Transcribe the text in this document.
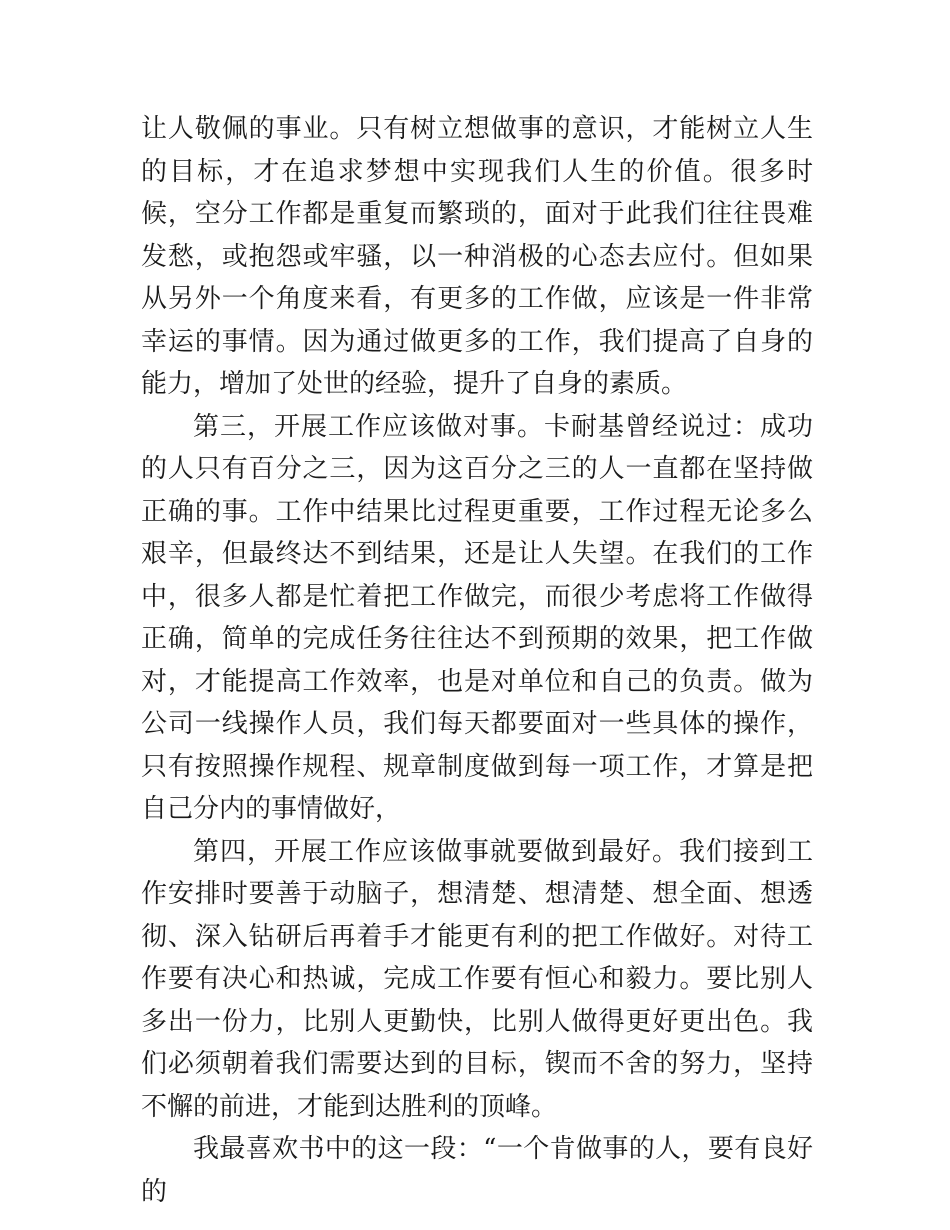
让人敬佩的事业。只有树立想做事的意识，才能树立人生的目标，才在追求梦想中实现我们人生的价值。很多时候，空分工作都是重复而繁琐的，面对于此我们往往畏难发愁，或抱怨或牢骚，以一种消极的心态去应付。但如果从另外一个角度来看，有更多的工作做，应该是一件非常幸运的事情。因为通过做更多的工作，我们提高了自身的能力，增加了处世的经验，提升了自身的素质。

第三，开展工作应该做对事。卡耐基曾经说过：成功的人只有百分之三，因为这百分之三的人一直都在坚持做正确的事。工作中结果比过程更重要，工作过程无论多么艰辛，但最终达不到结果，还是让人失望。在我们的工作中，很多人都是忙着把工作做完，而很少考虑将工作做得正确，简单的完成任务往往达不到预期的效果，把工作做对，才能提高工作效率，也是对单位和自己的负责。做为公司一线操作人员，我们每天都要面对一些具体的操作，只有按照操作规程、规章制度做到每一项工作，才算是把自己分内的事情做好，

第四，开展工作应该做事就要做到最好。我们接到工作安排时要善于动脑子，想清楚、想清楚、想全面、想透彻、深入钻研后再着手才能更有利的把工作做好。对待工作要有决心和热诚，完成工作要有恒心和毅力。要比别人多出一份力，比别人更勤快，比别人做得更好更出色。我们必须朝着我们需要达到的目标，锲而不舍的努力，坚持不懈的前进，才能到达胜利的顶峰。

我最喜欢书中的这一段：“一个肯做事的人，要有良好的
